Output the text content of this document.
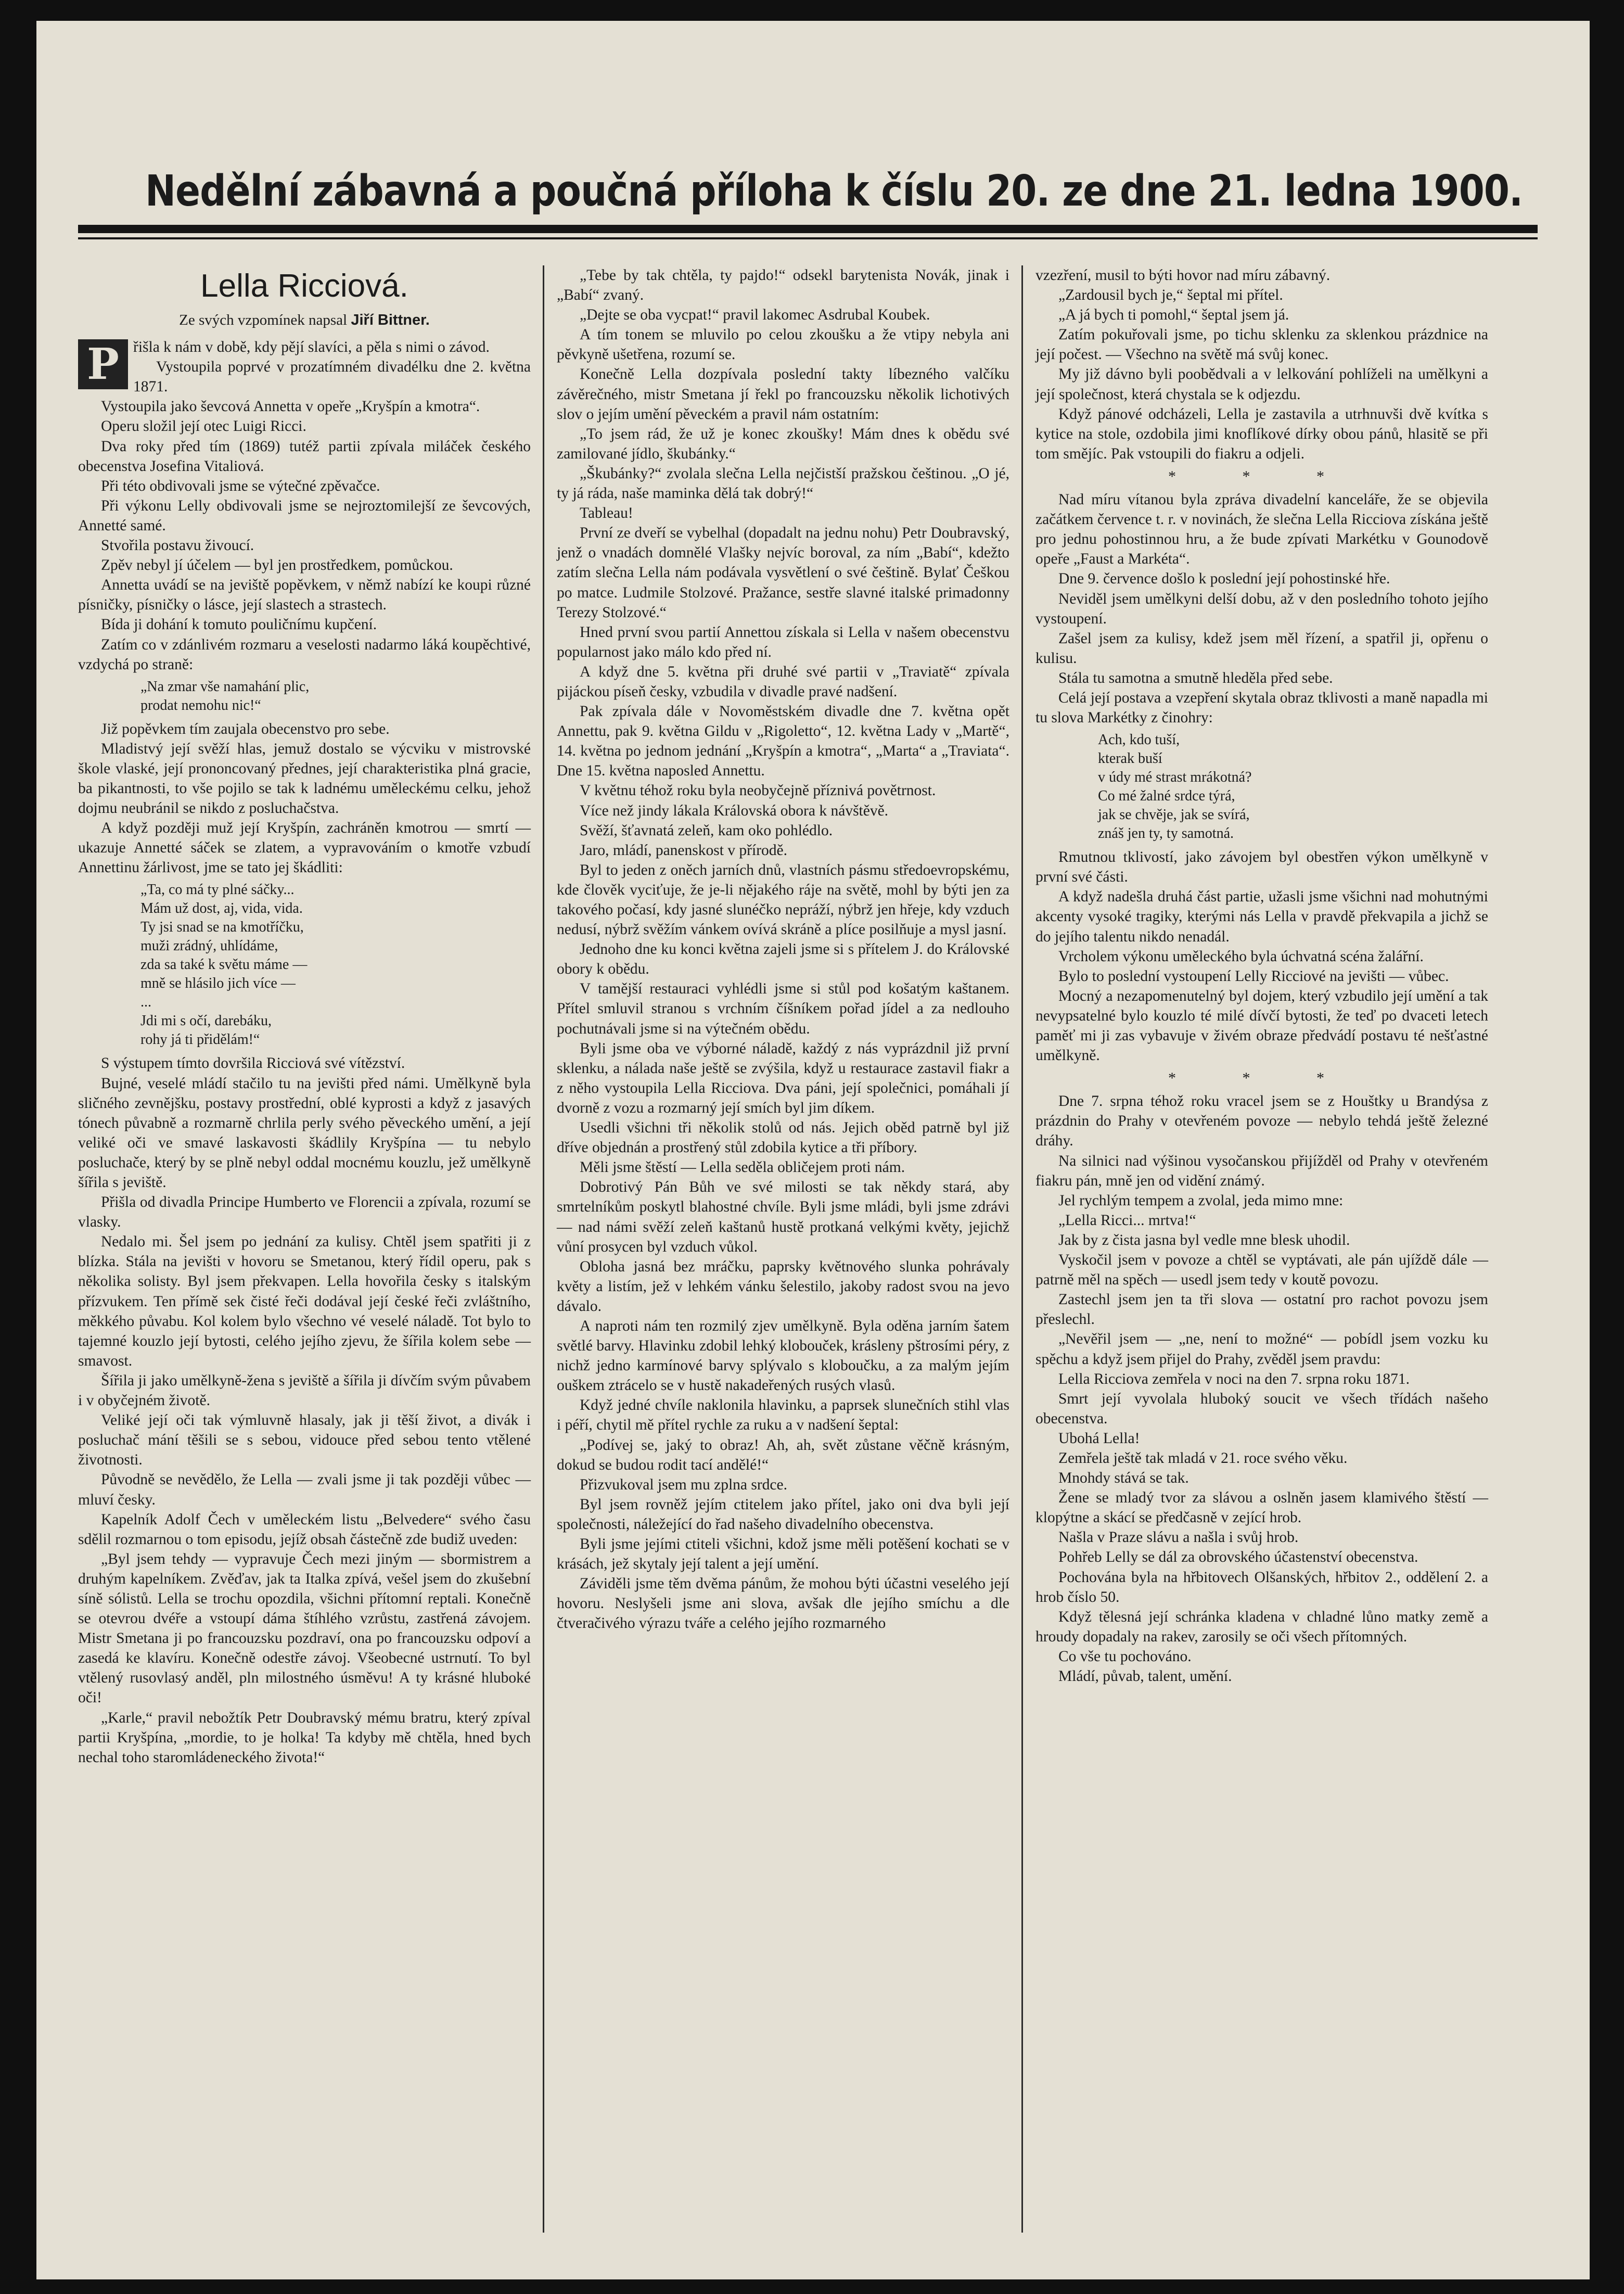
Nedělní zábavná a poučná příloha k číslu 20. ze dne 21. ledna 1900.
Lella Ricciová.
Ze svých vzpomínek napsal Jiří Bittner.
P řišla k nám v době, kdy pějí slavíci, a pěla s nimi o závod.

Vystoupila poprvé v prozatímném divadélku dne 2. května 1871.

Vystoupila jako ševcová Annetta v opeře „Kryšpín a kmotra“.

Operu složil její otec Luigi Ricci.

Dva roky před tím (1869) tutéž partii zpívala miláček českého obecenstva Josefina Vitaliová.

Při této obdivovali jsme se výtečné zpěvačce.

Při výkonu Lelly obdivovali jsme se nejroztomilejší ze ševcových, Annetté samé.

Stvořila postavu živoucí.

Zpěv nebyl jí účelem — byl jen prostředkem, pomůckou.

Annetta uvádí se na jeviště popěvkem, v němž nabízí ke koupi různé písničky, písničky o lásce, její slastech a strastech.

Bída ji dohání k tomuto pouličnímu kupčení.

Zatím co v zdánlivém rozmaru a veselosti nadarmo láká koupěchtivé, vzdychá po straně:

„Na zmar vše namahání plic,
prodat nemohu nic!“

Již popěvkem tím zaujala obecenstvo pro sebe.

Mladistvý její svěží hlas, jemuž dostalo se výcviku v mistrovské škole vlaské, její prononcovaný přednes, její charakteristika plná gracie, ba pikantnosti, to vše pojilo se tak k ladnému uměleckému celku, jehož dojmu neubránil se nikdo z posluchačstva.

A když později muž její Kryšpín, zachráněn kmotrou — smrtí — ukazuje Annetté sáček se zlatem, a vypravováním o kmotře vzbudí Annettinu žárlivost, jme se tato jej škádliti:

„Ta, co má ty plné sáčky...
Mám už dost, aj, vida, vida.
Ty jsi snad se na kmotříčku,
muži zrádný, uhlídáme,
zda sa také k světu máme —
mně se hlásilo jich více —
...
Jdi mi s očí, darebáku,
rohy já ti přidělám!“

S výstupem tímto dovršila Ricciová své vítězství.

Bujné, veselé mládí stačilo tu na jevišti před námi. Umělkyně byla sličného zevnějšku, postavy prostřední, oblé kyprosti a když z jasavých tónech půvabně a rozmarně chrlila perly svého pěveckého umění, a její veliké oči ve smavé laskavosti škádlily Kryšpína — tu nebylo posluchače, který by se plně nebyl oddal mocnému kouzlu, jež umělkyně šířila s jeviště.

Přišla od divadla Principe Humberto ve Florencii a zpívala, rozumí se vlasky.

Nedalo mi. Šel jsem po jednání za kulisy. Chtěl jsem spatřiti ji z blízka. Stála na jevišti v hovoru se Smetanou, který řídil operu, pak s několika solisty. Byl jsem překvapen. Lella hovořila česky s italským přízvukem. Ten přímě sek čisté řeči dodával její české řeči zvláštního, měkkého půvabu. Kol kolem bylo všechno vé veselé náladě. Tot bylo to tajemné kouzlo její bytosti, celého jejího zjevu, že šířila kolem sebe — smavost.

Šířila ji jako umělkyně-žena s jeviště a šířila ji dívčím svým půvabem i v obyčejném životě.

Veliké její oči tak výmluvně hlasaly, jak ji těší život, a divák i posluchač mání těšili se s sebou, vidouce před sebou tento vtělené životnosti.

Původně se nevědělo, že Lella — zvali jsme ji tak později vůbec — mluví česky.

Kapelník Adolf Čech v uměleckém listu „Belvedere“ svého času sdělil rozmarnou o tom episodu, jejíž obsah částečně zde budiž uveden:

„Byl jsem tehdy — vypravuje Čech mezi jiným — sbormistrem a druhým kapelníkem. Zvěďav, jak ta Italka zpívá, vešel jsem do zkušební síně sólistů. Lella se trochu opozdila, všichni přítomní reptali. Konečně se otevrou dvéře a vstoupí dáma štíhlého vzrůstu, zastřená závojem. Mistr Smetana ji po francouzsku pozdraví, ona po francouzsku odpoví a zasedá ke klavíru. Konečně odestře závoj. Všeobecné ustrnutí. To byl vtělený rusovlasý anděl, pln milostného úsměvu! A ty krásné hluboké oči!

„Karle,“ pravil nebožtík Petr Doubravský mému bratru, který zpíval partii Kryšpína, „mordie, to je holka! Ta kdyby mě chtěla, hned bych nechal toho staromládeneckého života!“

„Tebe by tak chtěla, ty pajdo!“ odsekl barytenista Novák, jinak i „Babí“ zvaný.

„Dejte se oba vycpat!“ pravil lakomec Asdrubal Koubek.

A tím tonem se mluvilo po celou zkoušku a že vtipy nebyla ani pěvkyně ušetřena, rozumí se.

Konečně Lella dozpívala poslední takty líbezného valčíku závěrečného, mistr Smetana jí řekl po francouzsku několik lichotivých slov o jejím umění pěveckém a pravil nám ostatním:

„To jsem rád, že už je konec zkoušky! Mám dnes k obědu své zamilované jídlo, škubánky.“

„Škubánky?“ zvolala slečna Lella nejčistší pražskou češtinou. „O jé, ty já ráda, naše maminka dělá tak dobrý!“

Tableau!

První ze dveří se vybelhal (dopadalt na jednu nohu) Petr Doubravský, jenž o vnadách domnělé Vlašky nejvíc boroval, za ním „Babí“, kdežto zatím slečna Lella nám podávala vysvětlení o své češtině. Bylať Češkou po matce. Ludmile Stolzové. Pražance, sestře slavné italské primadonny Terezy Stolzové.“

Hned první svou partií Annettou získala si Lella v našem obecenstvu popularnost jako málo kdo před ní.

A když dne 5. května při druhé své partii v „Traviatě“ zpívala pijáckou píseň česky, vzbudila v divadle pravé nadšení.

Pak zpívala dále v Novoměstském divadle dne 7. května opět Annettu, pak 9. května Gildu v „Rigoletto“, 12. května Lady v „Martě“, 14. května po jednom jednání „Kryšpín a kmotra“, „Marta“ a „Traviata“. Dne 15. května naposled Annettu.

V květnu téhož roku byla neobyčejně příznivá povětrnost.

Více než jindy lákala Královská obora k návštěvě.

Svěží, šťavnatá zeleň, kam oko pohlédlo.

Jaro, mládí, panenskost v přírodě.

Byl to jeden z oněch jarních dnů, vlastních pásmu středoevropskému, kde člověk vyciťuje, že je-li nějakého ráje na světě, mohl by býti jen za takového počasí, kdy jasné slunéčko nepráží, nýbrž jen hřeje, kdy vzduch nedusí, nýbrž svěžím vánkem ovívá skráně a plíce posilňuje a mysl jasní.

Jednoho dne ku konci května zajeli jsme si s přítelem J. do Královské obory k obědu.

V tamější restauraci vyhlédli jsme si stůl pod košatým kaštanem. Přítel smluvil stranou s vrchním číšníkem pořad jídel a za nedlouho pochutnávali jsme si na výtečném obědu.

Byli jsme oba ve výborné náladě, každý z nás vyprázdnil již první sklenku, a nálada naše ještě se zvýšila, když u restaurace zastavil fiakr a z něho vystoupila Lella Ricciova. Dva páni, její společnici, pomáhali jí dvorně z vozu a rozmarný její smích byl jim díkem.

Usedli všichni tři několik stolů od nás. Jejich oběd patrně byl již dříve objednán a prostřený stůl zdobila kytice a tři příbory.

Měli jsme štěstí — Lella seděla obličejem proti nám.

Dobrotivý Pán Bůh ve své milosti se tak někdy stará, aby smrtelníkům poskytl blahostné chvíle. Byli jsme mládi, byli jsme zdrávi — nad námi svěží zeleň kaštanů hustě protkaná velkými květy, jejichž vůní prosycen byl vzduch vůkol.

Obloha jasná bez mráčku, paprsky květnového slunka pohrávaly květy a listím, jež v lehkém vánku šelestilo, jakoby radost svou na jevo dávalo.

A naproti nám ten rozmilý zjev umělkyně. Byla oděna jarním šatem světlé barvy. Hlavinku zdobil lehký klobouček, krásleny pštrosími péry, z nichž jedno karmínové barvy splývalo s kloboučku, a za malým jejím ouškem ztrácelo se v hustě nakadeřených rusých vlasů.

Když jedné chvíle naklonila hlavinku, a paprsek slunečních stihl vlas i péří, chytil mě přítel rychle za ruku a v nadšení šeptal:

„Podívej se, jaký to obraz! Ah, ah, svět zůstane věčně krásným, dokud se budou rodit tací andělé!“

Přizvukoval jsem mu zplna srdce.

Byl jsem rovněž jejím ctitelem jako přítel, jako oni dva byli její společnosti, náležející do řad našeho divadelního obecenstva.

Byli jsme jejími ctiteli všichni, kdož jsme měli potěšení kochati se v krásách, jež skytaly její talent a její umění.

Záviděli jsme těm dvěma pánům, že mohou býti účastni veselého její hovoru. Neslyšeli jsme ani slova, avšak dle jejího smíchu a dle čtveračivého výrazu tváře a celého jejího rozmarného

vzezření, musil to býti hovor nad míru zábavný.

„Zardousil bych je,“ šeptal mi přítel.

„A já bych ti pomohl,“ šeptal jsem já.

Zatím pokuřovali jsme, po tichu sklenku za sklenkou prázdnice na její počest. — Všechno na světě má svůj konec.

My již dávno byli poobědvali a v lelkování pohlíželi na umělkyni a její společnost, která chystala se k odjezdu.

Když pánové odcházeli, Lella je zastavila a utrhnuvši dvě kvítka s kytice na stole, ozdobila jimi knoflíkové dírky obou pánů, hlasitě se při tom smějíc. Pak vstoupili do fiakru a odjeli.

* * *

Nad míru vítanou byla zpráva divadelní kanceláře, že se objevila začátkem července t. r. v novinách, že slečna Lella Ricciova získána ještě pro jednu pohostinnou hru, a že bude zpívati Markétku v Gounodově opeře „Faust a Markéta“.

Dne 9. července došlo k poslední její pohostinské hře.

Neviděl jsem umělkyni delší dobu, až v den posledního tohoto jejího vystoupení.

Zašel jsem za kulisy, kdež jsem měl řízení, a spatřil ji, opřenu o kulisu.

Stála tu samotna a smutně hleděla před sebe.

Celá její postava a vzepření skytala obraz tklivosti a maně napadla mi tu slova Markétky z činohry:

Ach, kdo tuší,
kterak buší
v údy mé strast mrákotná?
Co mé žalné srdce týrá,
jak se chvěje, jak se svírá,
znáš jen ty, ty samotná.

Rmutnou tklivostí, jako závojem byl obestřen výkon umělkyně v první své části.

A když nadešla druhá část partie, užasli jsme všichni nad mohutnými akcenty vysoké tragiky, kterými nás Lella v pravdě překvapila a jichž se do jejího talentu nikdo nenadál.

Vrcholem výkonu uměleckého byla úchvatná scéna žalářní.

Bylo to poslední vystoupení Lelly Ricciové na jevišti — vůbec.

Mocný a nezapomenutelný byl dojem, který vzbudilo její umění a tak nevypsatelné bylo kouzlo té milé dívčí bytosti, že teď po dvaceti letech paměť mi ji zas vybavuje v živém obraze předvádí postavu té nešťastné umělkyně.

* * *

Dne 7. srpna téhož roku vracel jsem se z Houštky u Brandýsa z prázdnin do Prahy v otevřeném povoze — nebylo tehdá ještě železné dráhy.

Na silnici nad výšinou vysočanskou přijížděl od Prahy v otevřeném fiakru pán, mně jen od vidění známý.

Jel rychlým tempem a zvolal, jeda mimo mne:

„Lella Ricci... mrtva!“

Jak by z čista jasna byl vedle mne blesk uhodil.

Vyskočil jsem v povoze a chtěl se vyptávati, ale pán ujíždě dále — patrně měl na spěch — usedl jsem tedy v koutě povozu.

Zastechl jsem jen ta tři slova — ostatní pro rachot povozu jsem přeslechl.

„Nevěřil jsem — „ne, není to možné“ — pobídl jsem vozku ku spěchu a když jsem přijel do Prahy, zvěděl jsem pravdu:

Lella Ricciova zemřela v noci na den 7. srpna roku 1871.

Smrt její vyvolala hluboký soucit ve všech třídách našeho obecenstva.

Ubohá Lella!

Zemřela ještě tak mladá v 21. roce svého věku.

Mnohdy stává se tak.

Žene se mladý tvor za slávou a oslněn jasem klamivého štěstí — klopýtne a skácí se předčasně v zející hrob.

Našla v Praze slávu a našla i svůj hrob.

Pohřeb Lelly se dál za obrovského účastenství obecenstva.

Pochována byla na hřbitovech Olšanských, hřbitov 2., oddělení 2. a hrob číslo 50.

Když tělesná její schránka kladena v chladné lůno matky země a hroudy dopadaly na rakev, zarosily se oči všech přítomných.

Co vše tu pochováno.

Mládí, půvab, talent, umění.
